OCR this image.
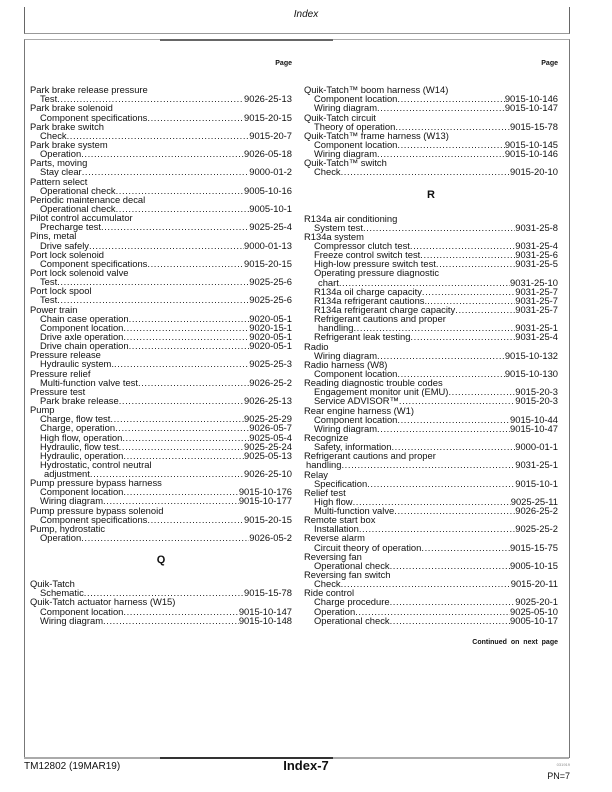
Index
Page
Park brake release pressure
Test .....	9026-25-13
Park brake solenoid
Component specifications .....	9015-20-15
Park brake switch
Check .....	9015-20-7
Park brake system
Operation .....	9026-05-18
Parts, moving
Stay clear .....	9000-01-2
Pattern select
Operational check .....	9005-10-16
Periodic maintenance decal
Operational check .....	9005-10-1
Pilot control accumulator
Precharge test .....	9025-25-4
Pins, metal
Drive safely .....	9000-01-13
Port lock solenoid
Component specifications .....	9015-20-15
Port lock solenoid valve
Test .....	9025-25-6
Port lock spool
Test .....	9025-25-6
Power train
Chain case operation .....	9020-05-1
Component location .....	9020-15-1
Drive axle operation .....	9020-05-1
Drive chain operation .....	9020-05-1
Pressure release
Hydraulic system. .....	9025-25-3
Pressure relief
Multi-function valve test .....	9026-25-2
Pressure test
Park brake release .....	9026-25-13
Pump
Charge, flow test .....	9025-25-29
Charge, operation .....	9026-05-7
High flow, operation .....	9025-05-4
Hydraulic, flow test .....	9025-25-24
Hydraulic, operation .....	9025-05-13
Hydrostatic, control neutral
adjustment .....	9026-25-10
Pump pressure bypass harness
Component location .....	9015-10-176
Wiring diagram .....	9015-10-177
Pump pressure bypass solenoid
Component specifications .....	9015-20-15
Pump, hydrostatic
Operation .....	9026-05-2
Q
Quik-Tatch
Schematic .....	9015-15-78
Quik-Tatch actuator harness (W15)
Component location .....	9015-10-147
Wiring diagram .....	9015-10-148
Page
Quik-Tatch™ boom harness (W14)
Component location .....	9015-10-146
Wiring diagram .....	9015-10-147
Quik-Tatch circuit
Theory of operation .....	9015-15-78
Quik-Tatch™ frame harness (W13)
Component location .....	9015-10-145
Wiring diagram .....	9015-10-146
Quik-Tatch™ switch
Check .....	9015-20-10
R
R134a air conditioning
System test .....	9031-25-8
R134a system
Compressor clutch test .....	9031-25-4
Freeze control switch test .....	9031-25-6
High-low pressure switch test .....	9031-25-5
Operating pressure diagnostic
chart .....	9031-25-10
R134a oil charge capacity .....	9031-25-7
R134a refrigerant cautions. .....	9031-25-7
R134a refrigerant charge capacity .....	9031-25-7
Refrigerant cautions and proper
handling .....	9031-25-1
Refrigerant leak testing .....	9031-25-4
Radio
Wiring diagram .....	9015-10-132
Radio harness (W8)
Component location .....	9015-10-130
Reading diagnostic trouble codes
Engagement monitor unit (EMU) .....	9015-20-3
Service ADVISOR™ .....	9015-20-3
Rear engine harness (W1)
Component location .....	9015-10-44
Wiring diagram .....	9015-10-47
Recognize
Safety, information .....	9000-01-1
Refrigerant cautions and proper
handling .....	9031-25-1
Relay
Specification .....	9015-10-1
Relief test
High flow .....	9025-25-11
Multi-function valve .....	9026-25-2
Remote start box
Installation .....	9025-25-2
Reverse alarm
Circuit theory of operation .....	9015-15-75
Reversing fan
Operational check .....	9005-10-15
Reversing fan switch
Check .....	9015-20-11
Ride control
Charge procedure .....	9025-20-1
Operation .....	9025-05-10
Operational check .....	9005-10-17
Continued on next page
TM12802 (19MAR19)	Index-7	031919
PN=7
